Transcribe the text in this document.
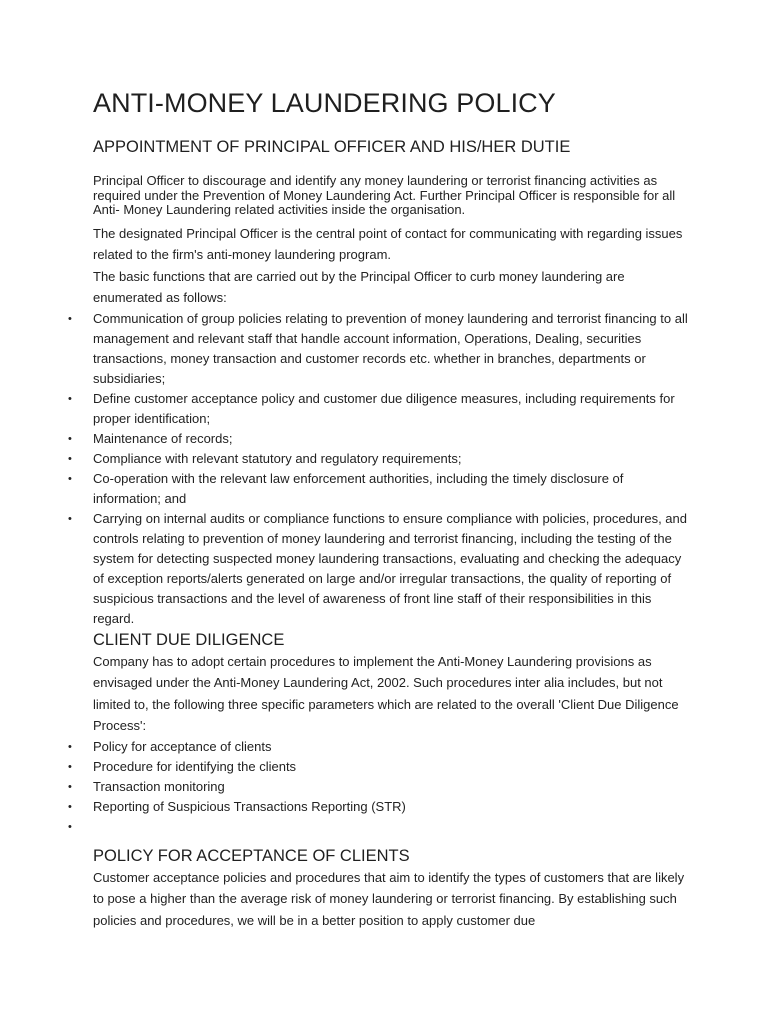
ANTI-MONEY LAUNDERING POLICY
APPOINTMENT OF PRINCIPAL OFFICER AND HIS/HER DUTIE

Principal Officer to discourage and identify any money laundering or terrorist financing activities as required under the Prevention of Money Laundering Act. Further Principal Officer is responsible for all Anti- Money Laundering related activities inside the organisation.

The designated Principal Officer is the central point of contact for communicating with regarding issues related to the firm's anti-money laundering program.

The basic functions that are carried out by the Principal Officer to curb money laundering are enumerated as follows:

• Communication of group policies relating to prevention of money laundering and terrorist financing to all management and relevant staff that handle account information, Operations, Dealing, securities transactions, money transaction and customer records etc. whether in branches, departments or subsidiaries;
• Define customer acceptance policy and customer due diligence measures, including requirements for proper identification;
• Maintenance of records;
• Compliance with relevant statutory and regulatory requirements;
• Co-operation with the relevant law enforcement authorities, including the timely disclosure of information; and
• Carrying on internal audits or compliance functions to ensure compliance with policies, procedures, and controls relating to prevention of money laundering and terrorist financing, including the testing of the system for detecting suspected money laundering transactions, evaluating and checking the adequacy of exception reports/alerts generated on large and/or irregular transactions, the quality of reporting of suspicious transactions and the level of awareness of front line staff of their responsibilities in this regard.
CLIENT DUE DILIGENCE

Company has to adopt certain procedures to implement the Anti-Money Laundering provisions as envisaged under the Anti-Money Laundering Act, 2002. Such procedures inter alia includes, but not limited to, the following three specific parameters which are related to the overall 'Client Due Diligence Process':

• Policy for acceptance of clients
• Procedure for identifying the clients
• Transaction monitoring
• Reporting of Suspicious Transactions Reporting (STR)
•

POLICY FOR ACCEPTANCE OF CLIENTS

Customer acceptance policies and procedures that aim to identify the types of customers that are likely to pose a higher than the average risk of money laundering or terrorist financing. By establishing such policies and procedures, we will be in a better position to apply customer due
